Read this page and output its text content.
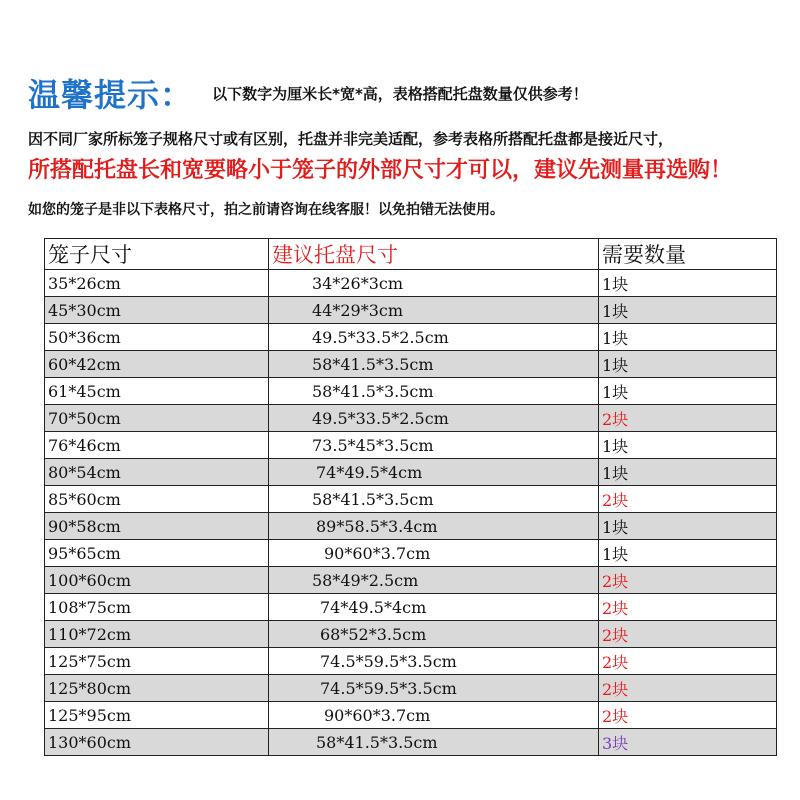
温馨提示： 以下数字为厘米长*宽*高，表格搭配托盘数量仅供参考！
因不同厂家所标笼子规格尺寸或有区别，托盘并非完美适配，参考表格所搭配托盘都是接近尺寸，
所搭配托盘长和宽要略小于笼子的外部尺寸才可以，建议先测量再选购！
如您的笼子是非以下表格尺寸，拍之前请咨询在线客服！以免拍错无法使用。
笼子尺寸	建议托盘尺寸	需要数量
35*26cm	34*26*3cm	1块
45*30cm	44*29*3cm	1块
50*36cm	49.5*33.5*2.5cm	1块
60*42cm	58*41.5*3.5cm	1块
61*45cm	58*41.5*3.5cm	1块
70*50cm	49.5*33.5*2.5cm	2块
76*46cm	73.5*45*3.5cm	1块
80*54cm	74*49.5*4cm	1块
85*60cm	58*41.5*3.5cm	2块
90*58cm	89*58.5*3.4cm	1块
95*65cm	90*60*3.7cm	1块
100*60cm	58*49*2.5cm	2块
108*75cm	74*49.5*4cm	2块
110*72cm	68*52*3.5cm	2块
125*75cm	74.5*59.5*3.5cm	2块
125*80cm	74.5*59.5*3.5cm	2块
125*95cm	90*60*3.7cm	2块
130*60cm	58*41.5*3.5cm	3块
